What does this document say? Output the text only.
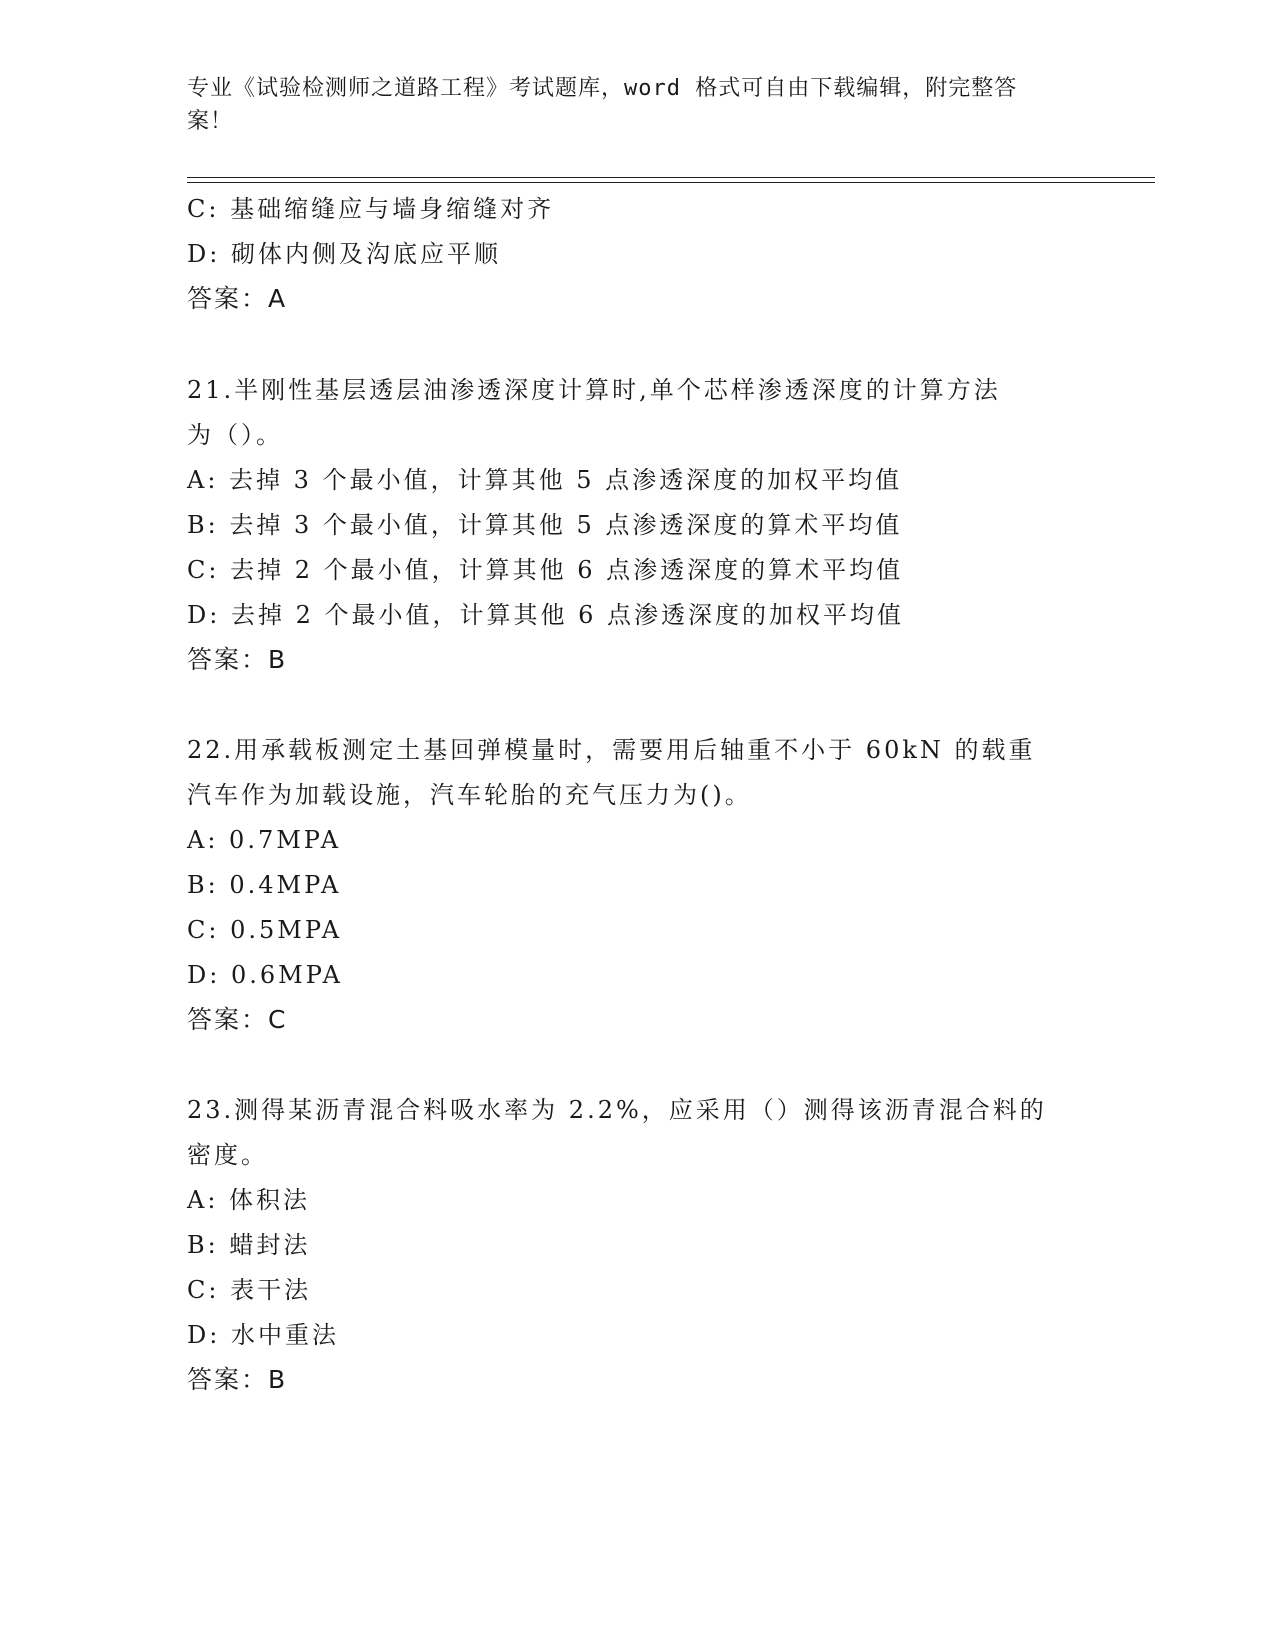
专业《试验检测师之道路工程》考试题库，word 格式可自由下载编辑，附完整答
案！
C: 基础缩缝应与墙身缩缝对齐
D: 砌体内侧及沟底应平顺
答案：A
21.半刚性基层透层油渗透深度计算时,单个芯样渗透深度的计算方法
为（）。
A: 去掉 3 个最小值，计算其他 5 点渗透深度的加权平均值
B: 去掉 3 个最小值，计算其他 5 点渗透深度的算术平均值
C: 去掉 2 个最小值，计算其他 6 点渗透深度的算术平均值
D: 去掉 2 个最小值，计算其他 6 点渗透深度的加权平均值
答案：B
22.用承载板测定土基回弹模量时，需要用后轴重不小于 60kN 的载重
汽车作为加载设施，汽车轮胎的充气压力为()。
A: 0.7MPA
B: 0.4MPA
C: 0.5MPA
D: 0.6MPA
答案：C
23.测得某沥青混合料吸水率为 2.2%，应采用（）测得该沥青混合料的
密度。
A: 体积法
B: 蜡封法
C: 表干法
D: 水中重法
答案：B
